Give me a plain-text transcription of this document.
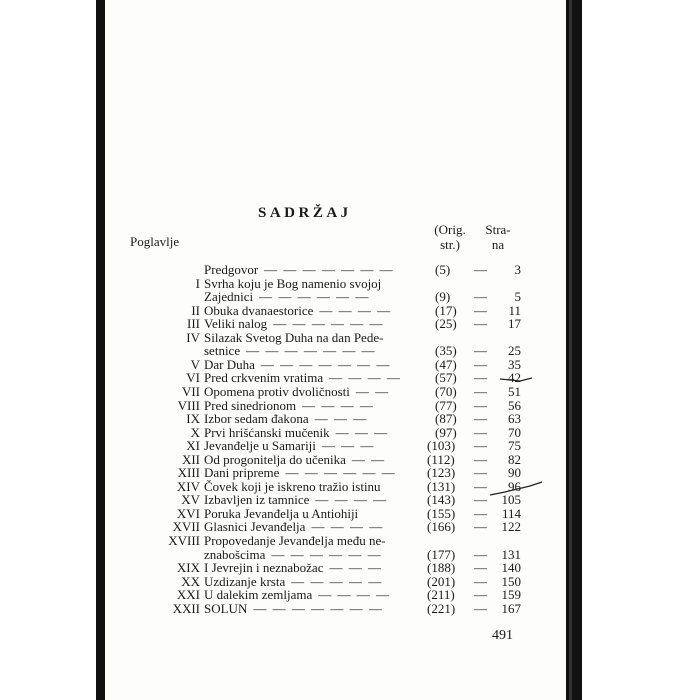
SADRŽAJ
Poglavlje
(Orig.
str.)
Stra-
na
Predgovor — — — — — — —	(5)	—	3
I Svrha koju je Bog namenio svojoj
Zajednici — — — — — —	(9)	—	5
II Obuka dvanaestorice — — — —	(17)	—	11
III Veliki nalog — — — — — —	(25)	—	17
IV Silazak Svetog Duha na dan Pede-
setnice — — — — — — —	(35)	—	25
V Dar Duha — — — — — — —	(47)	—	35
VI Pred crkvenim vratima — — — —	(57)	—	42
VII Opomena protiv dvoličnosti — —	(70)	—	51
VIII Pred sinedrionom — — — —	(77)	—	56
IX Izbor sedam đakona — — —	(87)	—	63
X Prvi hrišćanski mučenik — — —	(97)	—	70
XI Jevanđelje u Samariji — — —	(103)	—	75
XII Od progonitelja do učenika — —	(112)	—	82
XIII Dani pripreme — — — — — — (123)	—	90
XIV Čovek koji je iskreno tražio istinu	(131)	—	96
XV Izbavljen iz tamnice — — — —	(143)	—	105
XVI Poruka Jevanđelja u Antiohiji	(155)	—	114
XVII Glasnici Jevanđelja — — — —	(166)	—	122
XVIII Propovedanje Jevanđelja među ne-
znabošcima — — — — — —	(177)	—	131
XIX I Jevrejin i neznabožac — — —	(188)	—	140
XX Uzdizanje krsta — — — — —	(201)	—	150
XXI U dalekim zemljama — — — —	(211)	—	159
XXII SOLUN — — — — — — —	(221)	—	167
491
